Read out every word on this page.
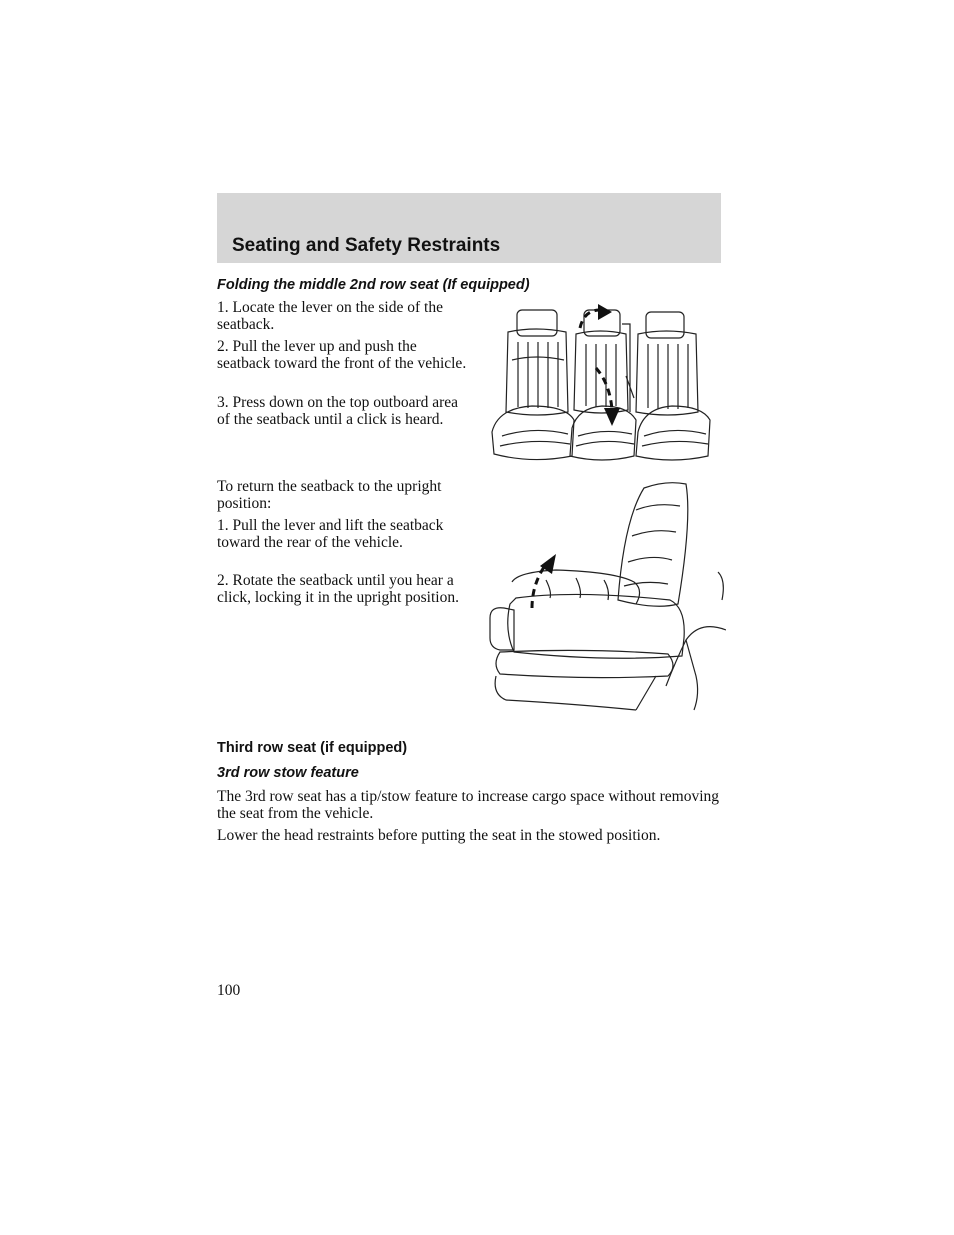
Seating and Safety Restraints
Folding the middle 2nd row seat (If equipped)

1. Locate the lever on the side of the seatback.

2. Pull the lever up and push the seatback toward the front of the vehicle.

3. Press down on the top outboard area of the seatback until a click is heard.

To return the seatback to the upright position:

1. Pull the lever and lift the seatback toward the rear of the vehicle.

2. Rotate the seatback until you hear a click, locking it in the upright position.

Third row seat (if equipped)
3rd row stow feature

The 3rd row seat has a tip/stow feature to increase cargo space without removing the seat from the vehicle.

Lower the head restraints before putting the seat in the stowed position.

100
